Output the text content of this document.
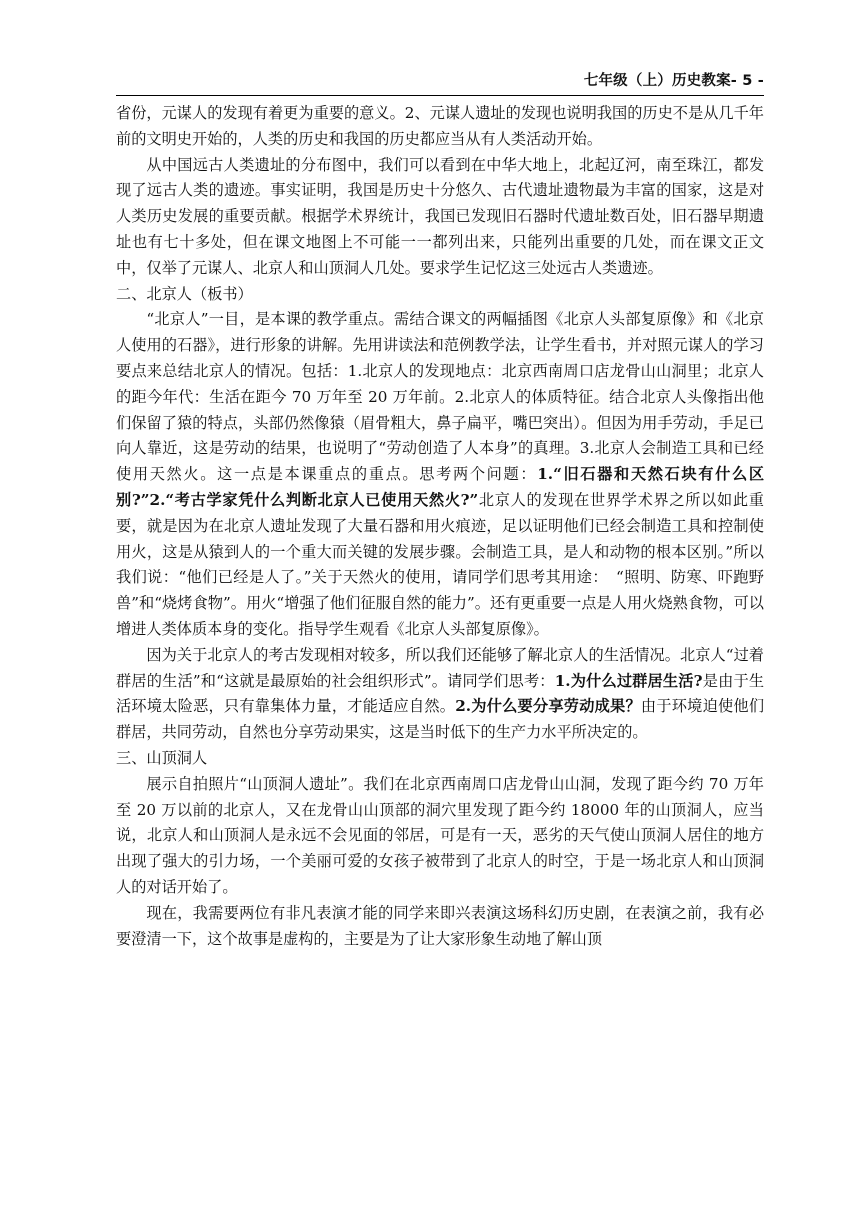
七年级（上）历史教案- 5 -

省份，元谋人的发现有着更为重要的意义。2、元谋人遗址的发现也说明我国的历史不是从几千年前的文明史开始的，人类的历史和我国的历史都应当从有人类活动开始。

从中国远古人类遗址的分布图中，我们可以看到在中华大地上，北起辽河，南至珠江，都发现了远古人类的遗迹。事实证明，我国是历史十分悠久、古代遗址遗物最为丰富的国家，这是对人类历史发展的重要贡献。根据学术界统计，我国已发现旧石器时代遗址数百处，旧石器早期遗址也有七十多处，但在课文地图上不可能一一都列出来，只能列出重要的几处，而在课文正文中，仅举了元谋人、北京人和山顶洞人几处。要求学生记忆这三处远古人类遗迹。

二、北京人（板书）

“北京人”一目，是本课的教学重点。需结合课文的两幅插图《北京人头部复原像》和《北京人使用的石器》，进行形象的讲解。先用讲读法和范例教学法，让学生看书，并对照元谋人的学习要点来总结北京人的情况。包括：1.北京人的发现地点：北京西南周口店龙骨山山洞里；北京人的距今年代：生活在距今 70 万年至 20 万年前。2.北京人的体质特征。结合北京人头像指出他们保留了猿的特点，头部仍然像猿（眉骨粗大，鼻子扁平，嘴巴突出）。但因为用手劳动，手足已向人靠近，这是劳动的结果，也说明了“劳动创造了人本身”的真理。3.北京人会制造工具和已经使用天然火。这一点是本课重点的重点。思考两个问题：1.“旧石器和天然石块有什么区别?”2.“考古学家凭什么判断北京人已使用天然火?”北京人的发现在世界学术界之所以如此重要，就是因为在北京人遗址发现了大量石器和用火痕迹，足以证明他们已经会制造工具和控制使用火，这是从猿到人的一个重大而关键的发展步骤。会制造工具，是人和动物的根本区别。”所以我们说：“他们已经是人了。”关于天然火的使用，请同学们思考其用途：　“照明、防寒、吓跑野兽”和“烧烤食物”。用火“增强了他们征服自然的能力”。还有更重要一点是人用火烧熟食物，可以增进人类体质本身的变化。指导学生观看《北京人头部复原像》。

因为关于北京人的考古发现相对较多，所以我们还能够了解北京人的生活情况。北京人“过着群居的生活”和“这就是最原始的社会组织形式”。请同学们思考：1.为什么过群居生活?是由于生活环境太险恶，只有靠集体力量，才能适应自然。2.为什么要分享劳动成果？由于环境迫使他们群居，共同劳动，自然也分享劳动果实，这是当时低下的生产力水平所决定的。

三、山顶洞人

展示自拍照片“山顶洞人遗址”。我们在北京西南周口店龙骨山山洞，发现了距今约 70 万年至 20 万以前的北京人，又在龙骨山山顶部的洞穴里发现了距今约 18000 年的山顶洞人，应当说，北京人和山顶洞人是永远不会见面的邻居，可是有一天，恶劣的天气使山顶洞人居住的地方出现了强大的引力场，一个美丽可爱的女孩子被带到了北京人的时空，于是一场北京人和山顶洞人的对话开始了。

现在，我需要两位有非凡表演才能的同学来即兴表演这场科幻历史剧，在表演之前，我有必要澄清一下，这个故事是虚构的，主要是为了让大家形象生动地了解山顶
